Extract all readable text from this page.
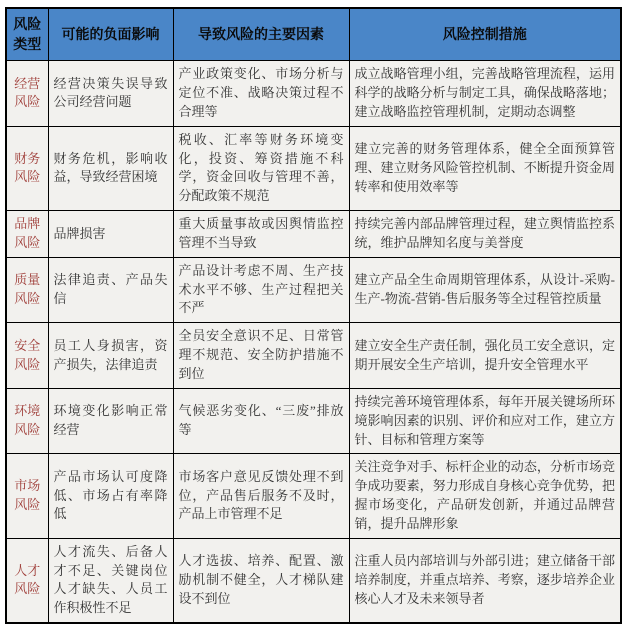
风险类型	可能的负面影响	导致风险的主要因素	风险控制措施
经营风险	经营决策失误导致公司经营问题	产业政策变化、市场分析与定位不准、战略决策过程不合理等	成立战略管理小组，完善战略管理流程，运用科学的战略分析与制定工具，确保战略落地；建立战略监控管理机制，定期动态调整
财务风险	财务危机，影响收益，导致经营困境	税收、汇率等财务环境变化，投资、筹资措施不科学，资金回收与管理不善，分配政策不规范	建立完善的财务管理体系，健全全面预算管理、建立财务风险管控机制、不断提升资金周转率和使用效率等
品牌风险	品牌损害	重大质量事故或因舆情监控管理不当导致	持续完善内部品牌管理过程，建立舆情监控系统，维护品牌知名度与美誉度
质量风险	法律追责、产品失信	产品设计考虑不周、生产技术水平不够、生产过程把关不严	建立产品全生命周期管理体系，从设计-采购-生产-物流-营销-售后服务等全过程管控质量
安全风险	员工人身损害，资产损失，法律追责	全员安全意识不足、日常管理不规范、安全防护措施不到位	建立安全生产责任制，强化员工安全意识，定期开展安全生产培训，提升安全管理水平
环境风险	环境变化影响正常经营	气候恶劣变化、“三废”排放等	持续完善环境管理体系，每年开展关键场所环境影响因素的识别、评价和应对工作，建立方针、目标和管理方案等
市场风险	产品市场认可度降低、市场占有率降低	市场客户意见反馈处理不到位，产品售后服务不及时，产品上市管理不足	关注竞争对手、标杆企业的动态，分析市场竞争成功要素，努力形成自身核心竞争优势，把握市场变化，产品研发创新，并通过品牌营销，提升品牌形象
人才风险	人才流失、后备人才不足、关键岗位人才缺失、人员工作积极性不足	人才选拔、培养、配置、激励机制不健全，人才梯队建设不到位	注重人员内部培训与外部引进；建立储备干部培养制度，并重点培养、考察，逐步培养企业核心人才及未来领导者
